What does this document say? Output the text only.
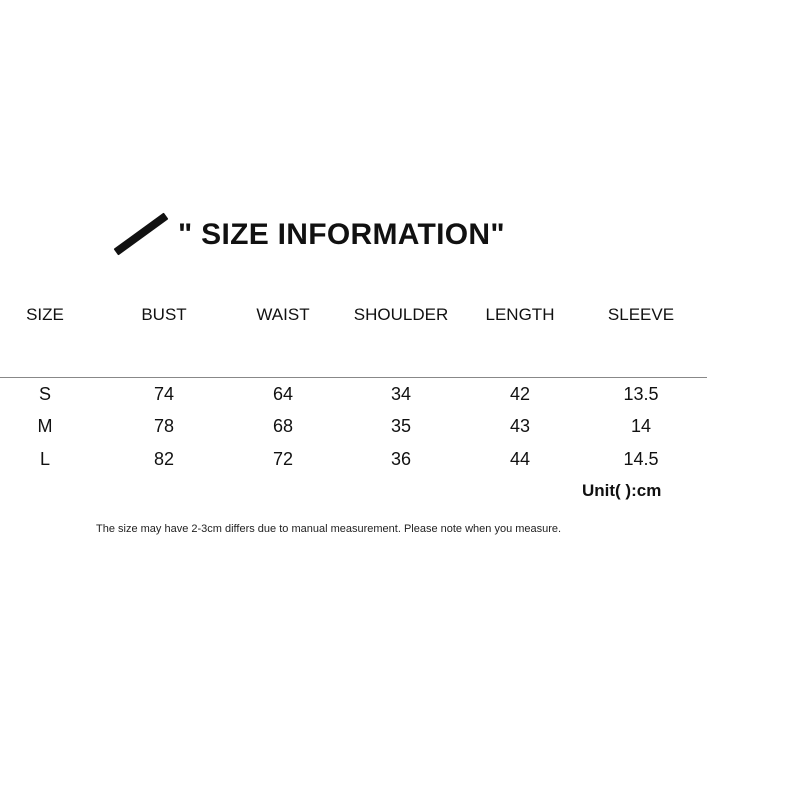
" SIZE INFORMATION"
SIZE	BUST	WAIST	SHOULDER	LENGTH	SLEEVE
S	74	64	34	42	13.5
M	78	68	35	43	14
L	82	72	36	44	14.5
Unit( ):cm
The size may have 2-3cm differs due to manual measurement. Please note when you measure.
